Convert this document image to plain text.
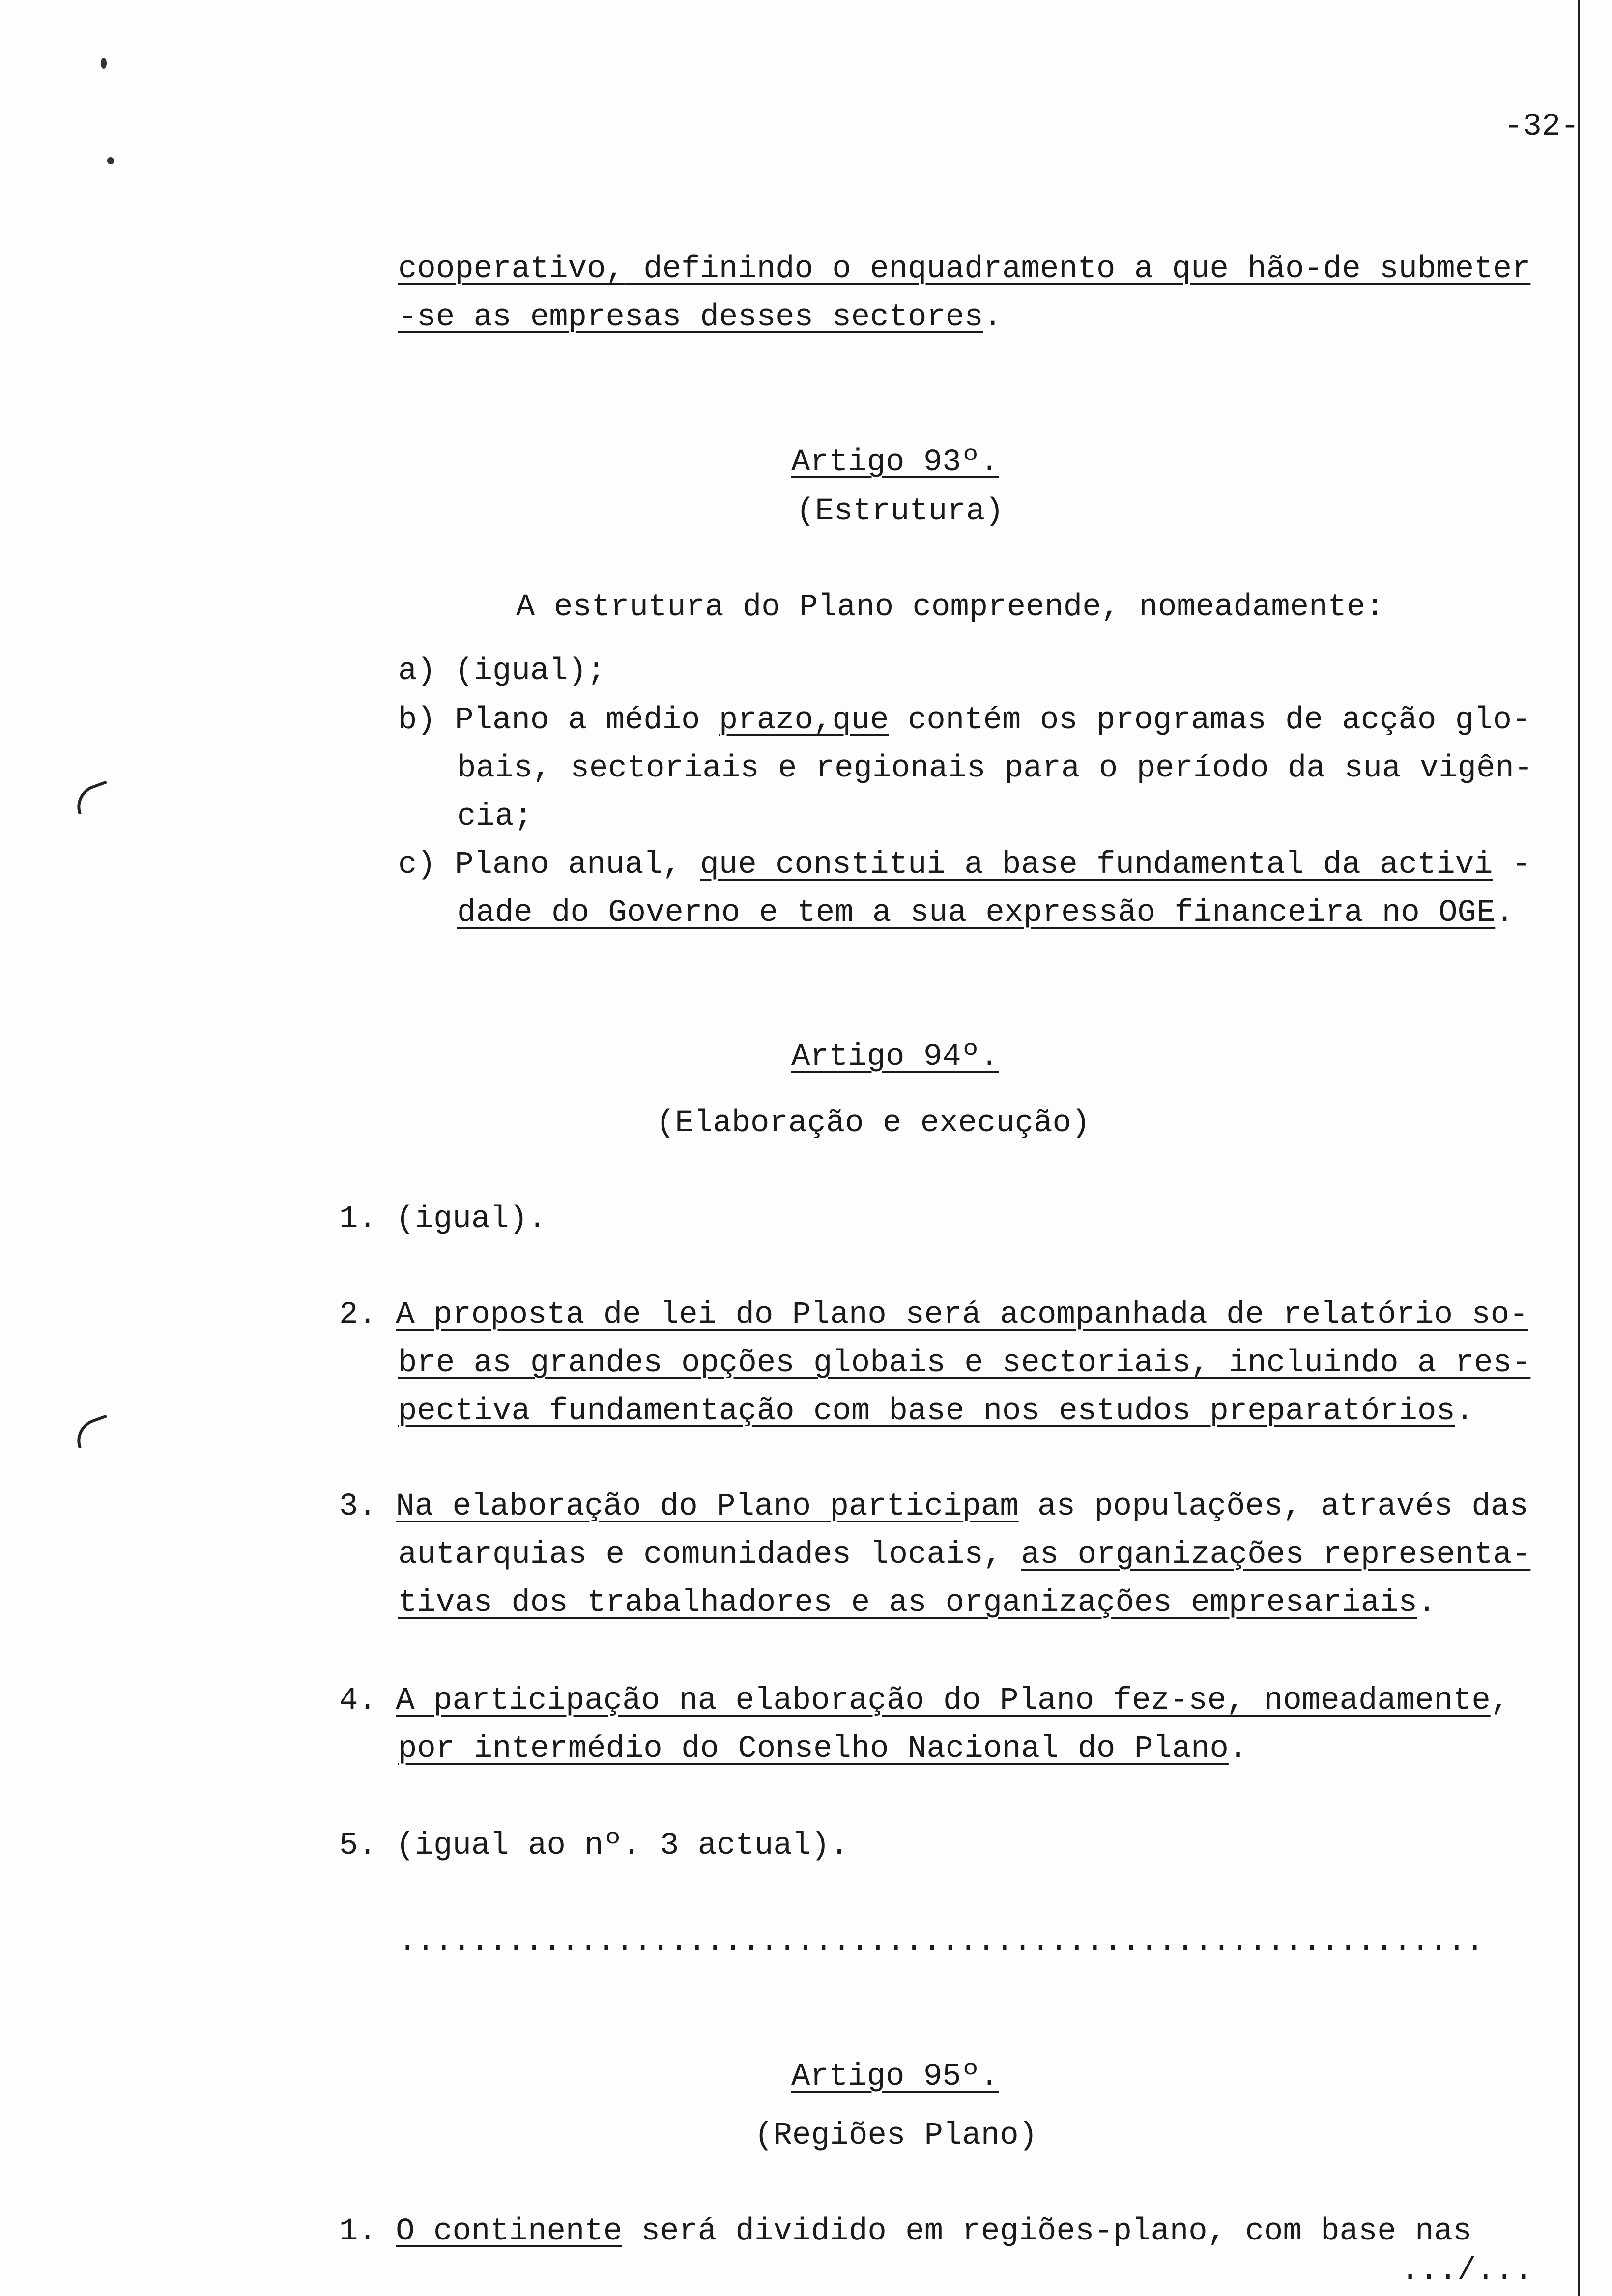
-32-
cooperativo, definindo o enquadramento a que hão-de submeter
-se as empresas desses sectores.
Artigo 93º.
(Estrutura)
A estrutura do Plano compreende, nomeadamente:
a) (igual);
b) Plano a médio prazo,que contém os programas de acção glo-
bais, sectoriais e regionais para o período da sua vigên-
cia;
c) Plano anual, que constitui a base fundamental da activi -
dade do Governo e tem a sua expressão financeira no OGE.
Artigo 94º.
(Elaboração e execução)
1. (igual).
2. A proposta de lei do Plano será acompanhada de relatório so-
bre as grandes opções globais e sectoriais, incluindo a res-
pectiva fundamentação com base nos estudos preparatórios.
3. Na elaboração do Plano participam as populações, através das
autarquias e comunidades locais, as organizações representa-
tivas dos trabalhadores e as organizações empresariais.
4. A participação na elaboração do Plano fez-se, nomeadamente,
por intermédio do Conselho Nacional do Plano.
5. (igual ao nº. 3 actual).
............................................................
Artigo 95º.
(Regiões Plano)
1. O continente será dividido em regiões-plano, com base nas
.../...
